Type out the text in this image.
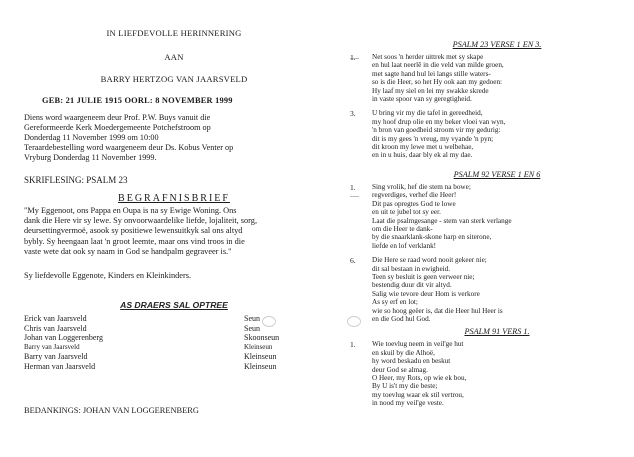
IN LIEFDEVOLLE HERINNERING
AAN
BARRY HERTZOG VAN JAARSVELD
GEB: 21 JULIE 1915 OORL: 8 NOVEMBER 1999
Diens word waargeneem deur Prof. P.W. Buys vanuit die
Gereformeerde Kerk Moedergemeente Potchefstroom op
Donderdag 11 November 1999 om 10:00
Teraardebestelling word waargeneem deur Ds. Kobus Venter op
Vryburg Donderdag 11 November 1999.
SKRIFLESING: PSALM 23
BEGRAFNISBRIEF
"My Eggenoot, ons Pappa en Oupa is na sy Ewige Woning. Ons
dank die Here vir sy lewe. Sy onvoorwaardelike liefde, lojaliteit, sorg,
deursettingvermoë, asook sy positiewe lewensuitkyk sal ons altyd
bybly. Sy heengaan laat 'n groot leemte, maar ons vind troos in die
vaste wete dat ook sy naam in God se handpalm gegraveer is."
Sy liefdevolle Eggenote, Kinders en Kleinkinders.
AS DRAERS SAL OPTREE
Erick van Jaarsveld	Seun
Chris van Jaarsveld	Seun
Johan van Loggerenberg	Skoonseun
Barry van Jaarsveld	Kleinseun
Barry van Jaarsveld	Kleinseun
Herman van Jaarsveld	Kleinseun
BEDANKINGS: JOHAN VAN LOGGERENBERG
PSALM 23 VERSE 1 EN 3.
1. Net soos 'n herder uittrek met sy skape
en hul laat neerlê in die veld van milde groen,
met sagte hand hul lei langs stille waters-
so is die Heer, so het Hy ook aan my gedoen:
Hy laaf my siel en lei my swakke skrede
in vaste spoor van sy geregtigheid.
3. U bring vir my die tafel in gereedheid,
my hoof drup olie en my beker vloei van wyn,
'n bron van goedheid stroom vir my gedurig:
dit is my gees 'n vreug, my vyande 'n pyn;
dit kroon my lewe met u welbehae,
en in u huis, daar bly ek al my dae.
PSALM 92 VERSE 1 EN 6
1. Sing vrolik, hef die stem na bowe;
regverdiges, verhef die Heer!
Dit pas opregtes God te lowe
en uit te jubel tot sy eer.
Laat die psalmgesange - stem van sterk verlange
om die Heer te dank-
by die snaarklank-skone harp en siterone,
liefde en lof verklank!
6. Die Here se raad word nooit gekeer nie;
dit sal bestaan in ewigheid.
Teen sy besluit is geen verweer nie;
bestendig duur dit vir altyd.
Salig wie tevore deur Hom is verkore
As sy erf en lot;
wie so hoog geëer is, dat die Heer hul Heer is
en die God hul God.
PSALM 91 VERS 1.
1. Wie toevlug neem in veil'ge hut
en skuil by die Alhoë,
hy word beskadu en beskut
deur God se almag.
O Heer, my Rots, op wie ek bou,
By U is't my die beste;
my toevlug waar ek stil vertrou,
in nood my veil'ge veste.
